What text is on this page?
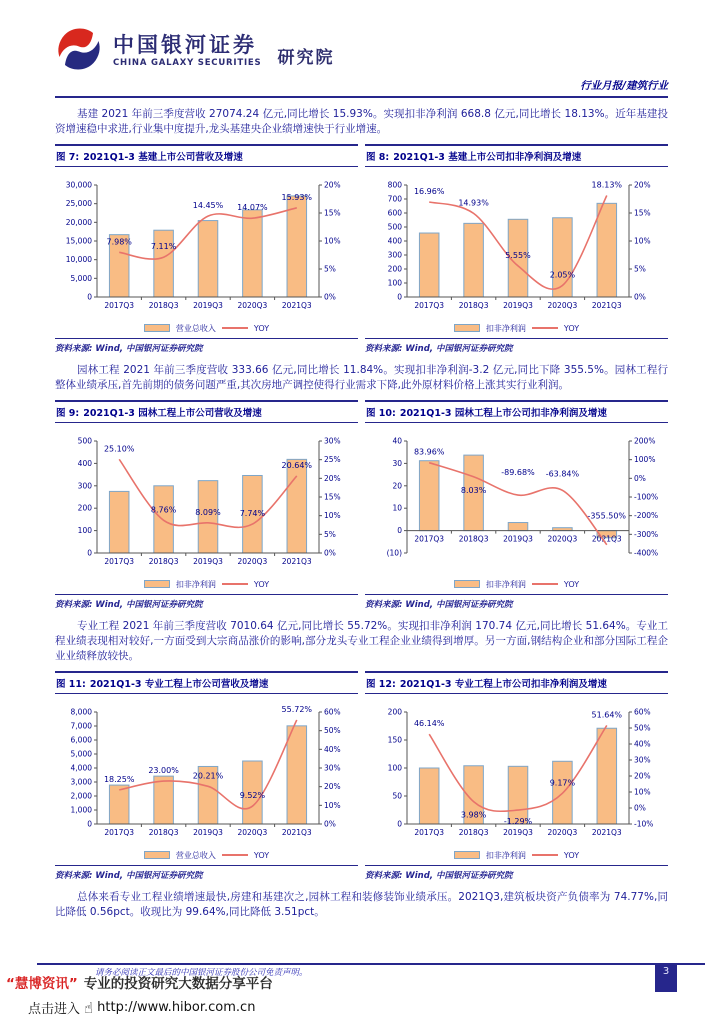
中国银河证券
CHINA GALAXY SECURITIES 研究院
行业月报/建筑行业

基建 2021 年前三季度营收 27074.24 亿元,同比增长 15.93%。实现扣非净利润 668.8 亿元,同比增长 18.13%。近年基建投资增速稳中求进,行业集中度提升,龙头基建央企业绩增速快于行业增速。

图 7: 2021Q1-3 基建上市公司营收及增速
0
5,000
10,000
15,000
20,000
25,000
30,000
0%
5%
10%
15%
20%
2017Q3 2018Q3 2019Q3 2020Q3 2021Q3
7.98%
7.11%
14.45% 14.07%
15.93%
营业总收入	YOY
资料来源: Wind, 中国银河证券研究院
图 8: 2021Q1-3 基建上市公司扣非净利润及增速
0
100
200
300
400
500
600
700
800
0%
5%
10%
15%
20%
2017Q3 2018Q3 2019Q3 2020Q3 2021Q3
16.96%
14.93%
5.55%
2.05%
18.13%
扣非净利润	YOY
资料来源: Wind, 中国银河证券研究院

园林工程 2021 年前三季度营收 333.66 亿元,同比增长 11.84%。实现扣非净利润-3.2 亿元,同比下降 355.5%。园林工程行整体业绩承压,首先前期的债务问题严重,其次房地产调控使得行业需求下降,此外原材料价格上涨其实行业利润。

图 9: 2021Q1-3 园林工程上市公司营收及增速
0
100
200
300
400
500
0%
5%
10%
15%
20%
25%
30%
2017Q3 2018Q3 2019Q3 2020Q3 2021Q3
25.10%
8.76% 8.09% 7.74%
20.64%
扣非净利润	YOY
资料来源: Wind, 中国银河证券研究院
图 10: 2021Q1-3 园林工程上市公司扣非净利润及增速
(10)
0
10
20
30
40
-400%
-300%
-200%
-100%
0%
100%
200%
2017Q3 2018Q3 2019Q3 2020Q3 2021Q3
83.96%
8.03%
-89.68% -63.84%
-355.50%
扣非净利润	YOY
资料来源: Wind, 中国银河证券研究院

专业工程 2021 年前三季度营收 7010.64 亿元,同比增长 55.72%。实现扣非净利润 170.74 亿元,同比增长 51.64%。专业工程业绩表现相对较好,一方面受到大宗商品涨价的影响,部分龙头专业工程企业业绩得到增厚。另一方面,钢结构企业和部分国际工程企业业绩释放较快。

图 11: 2021Q1-3 专业工程上市公司营收及增速
0
1,000
2,000
3,000
4,000
5,000
6,000
7,000
8,000
0%
10%
20%
30%
40%
50%
60%
2017Q3 2018Q3 2019Q3 2020Q3 2021Q3
18.25%
23.00%
20.21%
9.52%
55.72%
营业总收入	YOY
资料来源: Wind, 中国银河证券研究院
图 12: 2021Q1-3 专业工程上市公司扣非净利润及增速
0
50
100
150
200
-10%
0%
10%
20%
30%
40%
50%
60%
2017Q3 2018Q3 2019Q3 2020Q3 2021Q3
46.14%
3.98%
-1.29%
9.17%
51.64%
扣非净利润	YOY
资料来源: Wind, 中国银河证券研究院

总体来看专业工程业绩增速最快,房建和基建次之,园林工程和装修装饰业绩承压。2021Q3,建筑板块资产负债率为 74.77%,同比降低 0.56pct。收现比为 99.64%,同比降低 3.51pct。

请务必阅读正文最后的中国银河证券股份公司免责声明。	3
“慧博资讯” 专业的投资研究大数据分享平台
点击进入 ☝ http://www.hibor.com.cn
